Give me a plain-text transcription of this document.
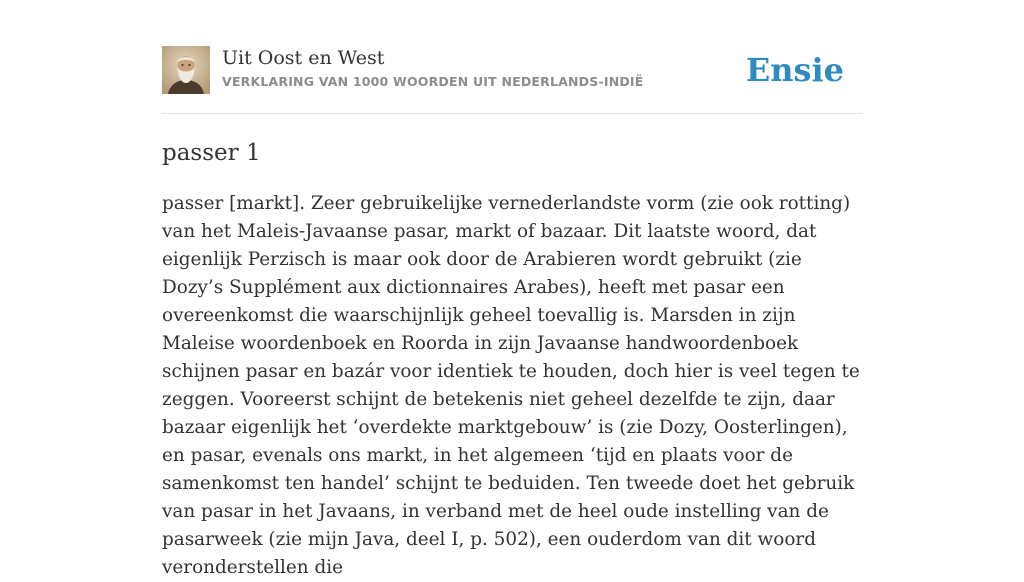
Uit Oost en West
VERKLARING VAN 1000 WOORDEN UIT NEDERLANDS-INDIË	Ensie
passer 1

passer [markt]. Zeer gebruikelijke vernederlandste vorm (zie ook rotting) van het Maleis-Javaanse pasar, markt of bazaar. Dit laatste woord, dat eigenlijk Perzisch is maar ook door de Arabieren wordt gebruikt (zie Dozy’s Supplément aux dictionnaires Arabes), heeft met pasar een overeenkomst die waarschijnlijk geheel toevallig is. Marsden in zijn Maleise woordenboek en Roorda in zijn Javaanse handwoordenboek schijnen pasar en bazár voor identiek te houden, doch hier is veel tegen te zeggen. Vooreerst schijnt de betekenis niet geheel dezelfde te zijn, daar bazaar eigenlijk het ‘overdekte marktgebouw’ is (zie Dozy, Oosterlingen), en pasar, evenals ons markt, in het algemeen ‘tijd en plaats voor de samenkomst ten handel’ schijnt te beduiden. Ten tweede doet het gebruik van pasar in het Javaans, in verband met de heel oude instelling van de pasarweek (zie mijn Java, deel I, p. 502), een ouderdom van dit woord veronderstellen die
